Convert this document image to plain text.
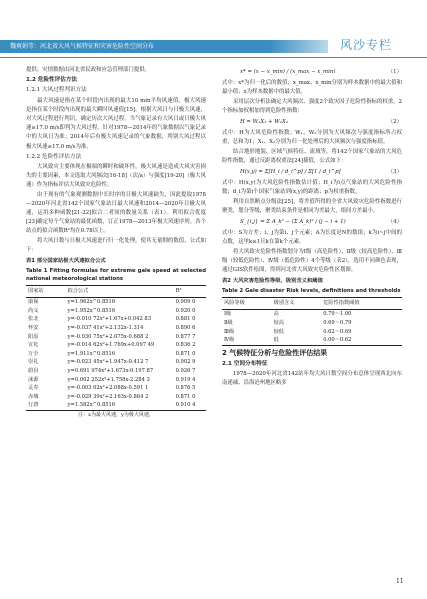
魏爽娟等：河北省大风气候特征和灾害危险性空间分布	风沙专栏
提供；灾情数据由河北省民政和应急管理部门提供。
1.2 危险性评估方法
1.2.1 大风过程判识方法
最大风速是指在某个时段内出现的最大10 min平均风速值，极大风速是指在某个时段内出现的最大瞬时风速值[15]。根据大风日与日极大风速，对大风过程进行判识，确定历次大风过程。当气象记录有大风日或日极大风速≥17.0 m/s即判为大风过程。针对1978—2014年的气象数据以气象记录中的大风日为准；2014年后有极大风速记录的气象数据，判别大风过程以极大风速≥17.0 m/s为准。
1.2.2 危险性评估方法
大风致灾主要体现在极端的瞬时和破坏性，极大风速是造成大风灾害损失的主要因素，本文选取大风频次[16-18]（次/a）与强度[19-20]（极大风速）作为指标评估大风致灾危险性。
由于现有的气象观测数据中长时序的日极大风速缺失，因此提取1978—2020年河北省142个国家气象站日最大风速和2014—2020年日极大风速，运用多种函数[21-22]拟合二者间的数量关系（表1）。利用拟合优度[23]确定每个气象站的最优函数，订正1978—2013年极大风速序列。各个站点的拟合函数R²均在0.78以上。
将大风日数与日极大风速进行归一化处理，使其无量纲的数值，公式如下：
表1 部分国家站极大风速拟合公式
Table 1 Fitting formulas for extreme gale speed at selected national meteorological stations
国家站	拟合公式	R²
康保	y=1.962x^0.8516	0.909 0
尚义	y=1.952x^0.8516	0.920 0
张北	y=-0.010 72x²+1.67x+0.042 83	0.881 0
怀安	y=-0.037 41x²+2.132x-1.314	0.890 6
阳原	y=-0.030 75x²+2.075x-0.688 2	0.877 7
宣化	y=-0.014 62x²+1.769x+0.097 49	0.836 2
万全	y=1.911x^0.8516	0.871 0
崇礼	y=-0.023 45x²+1.947x-0.412 7	0.902 9
蔚县	y=0.691 974x²+1.673x-0.197 87	0.926 7
涞源	y=0.002 252x²+1.758x-2.284 3	0.919 4
灵寿	y=-0.003 02x²+2.088x-0.591 1	0.876 5
赤城	y=-0.029 39x²+2.163x-0.864 2	0.871 0
行唐	y=1.582x^0.8516	0.910 4
注：x为最大风速，y为极大风速。
x* = (x − x_min) / (x_max − x_min)	（1）
式中：x*为归一化后的数值；x_max、x_min分别为样本数据中的最大值和最小值；x为样本数据中的最大值。
采用层次分析法确定大风频次、强度2个致灾因子危险性指标的权重，2个指标加权相加得到危险性指数：
H = W₁X₁ + W₂X₂	（2）
式中：H为大风危险性指数；W₁、W₂分别为大风频次与强度指标所占权重，总和为1；X₁、X₂分别为归一化处理后的大风频次与强度指标值。
结合地形地貌、区域气候特征、流域等，将142个国家气象站的大风危险性指数，通过反距离权重法[24]插值，公式如下：
H(x,y) = Σ[H_i / d_i^p] / Σ[1 / d_i^p]	（3）
式中：H(x,y)为大风危险性指数估计值；H_i为i点气象站的大风危险性指数；d_i为第i个国家气象站到(x,y)的距离；p为权重指数。
利用自然断点分级法[25]，将差值所得的全省大风致灾危险性指数进行聚类，划分等级，聚类结束条件是相同为差最大，组间方差最小。
S_{i,j} = Σ A_k² − (Σ A_k)² / (j − i + 1)	（4）
式中：S为方差；i、j为第i、j个元素；A为长度是N的数组；k为i~j中间的点数，这里k≥1且k在第k个元素。
将大风致灾危险性指数划分为Ⅰ级（高危险性）、Ⅱ级（较高危险性）、Ⅲ级（较低危险性）、Ⅳ级（低危险性）4个等级（表2），选用不同颜色表现，通过GIS软件绘图，得到河北省大风致灾危险性区划图。
表2 大风灾害危险性等级、级别含义和阈值
Table 2 Gale disaster Risk levels, definitions and thresholds
风险等级	级别含义	危险性指数阈值
Ⅰ级	高	0.79～1.00
Ⅱ级	较高	0.69～0.79
Ⅲ级	较低	0.62～0.69
Ⅳ级	低	0.00～0.62
2 气候特征分析与危险性评估结果
2.1 空间分布特征
1978—2020年河北省142站年均大风日数空间分布总体呈现西北向东南递减、沿海沧州地区略多
11
